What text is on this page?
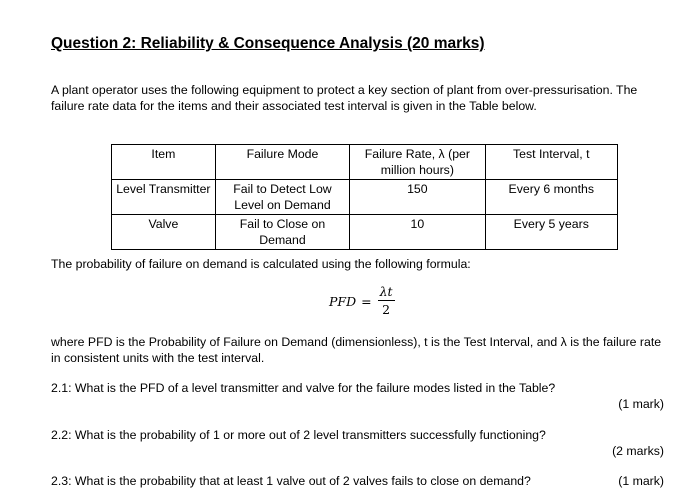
Question 2: Reliability & Consequence Analysis (20 marks)
A plant operator uses the following equipment to protect a key section of plant from over-pressurisation. The failure rate data for the items and their associated test interval is given in the Table below.
Item	Failure Mode	Failure Rate, λ (per million hours)	Test Interval, t
Level Transmitter	Fail to Detect Low Level on Demand	150	Every 6 months
Valve	Fail to Close on Demand	10	Every 5 years
The probability of failure on demand is calculated using the following formula:
PFD = $\frac{\lambda t}{2}$
where PFD is the Probability of Failure on Demand (dimensionless), t is the Test Interval, and λ is the failure rate in consistent units with the test interval.
2.1: What is the PFD of a level transmitter and valve for the failure modes listed in the Table?
(1 mark)
2.2: What is the probability of 1 or more out of 2 level transmitters successfully functioning?
(2 marks)
2.3: What is the probability that at least 1 valve out of 2 valves fails to close on demand?	(1 mark)
